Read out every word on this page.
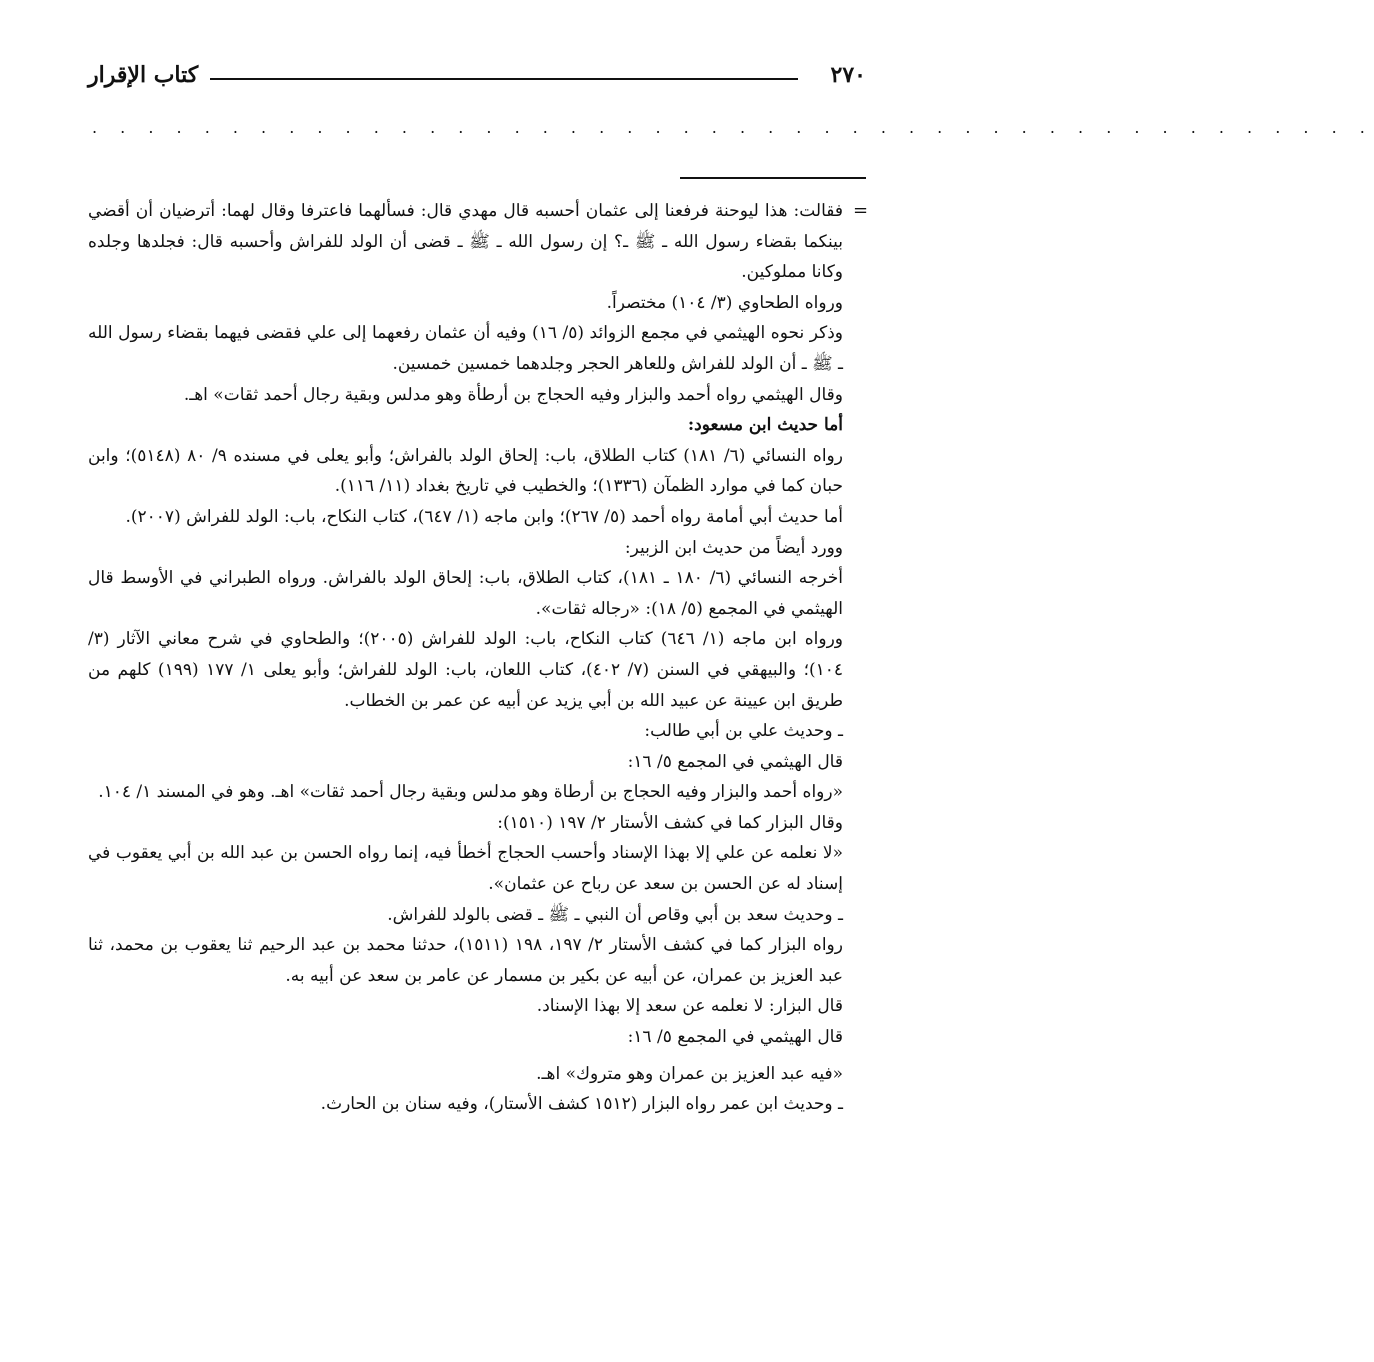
٢٧٠
كتاب الإقرار
. . . . . . . . . . . . . . . . . . . . . . . . . . . . . . . . . . . . . . . . . . . . . .
=

فقالت: هذا ليوحنة فرفعنا إلى عثمان أحسبه قال مهدي قال: فسألهما فاعترفا وقال لهما: أترضيان أن أقضي بينكما بقضاء رسول الله ـ ﷺ ـ؟ إن رسول الله ـ ﷺ ـ قضى أن الولد للفراش وأحسبه قال: فجلدها وجلده وكانا مملوكين.

ورواه الطحاوي (٣/ ١٠٤) مختصراً.

وذكر نحوه الهيثمي في مجمع الزوائد (٥/ ١٦) وفيه أن عثمان رفعهما إلى علي فقضى فيهما بقضاء رسول الله ـ ﷺ ـ أن الولد للفراش وللعاهر الحجر وجلدهما خمسين خمسين.

وقال الهيثمي رواه أحمد والبزار وفيه الحجاج بن أرطأة وهو مدلس وبقية رجال أحمد ثقات» اهـ.

أما حديث ابن مسعود:

رواه النسائي (٦/ ١٨١) كتاب الطلاق، باب: إلحاق الولد بالفراش؛ وأبو يعلى في مسنده ٩/ ٨٠ (٥١٤٨)؛ وابن حبان كما في موارد الظمآن (١٣٣٦)؛ والخطيب في تاريخ بغداد (١١/ ١١٦).

أما حديث أبي أمامة رواه أحمد (٥/ ٢٦٧)؛ وابن ماجه (١/ ٦٤٧)، كتاب النكاح، باب: الولد للفراش (٢٠٠٧).

وورد أيضاً من حديث ابن الزبير:

أخرجه النسائي (٦/ ١٨٠ ـ ١٨١)، كتاب الطلاق، باب: إلحاق الولد بالفراش. ورواه الطبراني في الأوسط قال الهيثمي في المجمع (٥/ ١٨): «رجاله ثقات».

ورواه ابن ماجه (١/ ٦٤٦) كتاب النكاح، باب: الولد للفراش (٢٠٠٥)؛ والطحاوي في شرح معاني الآثار (٣/ ١٠٤)؛ والبيهقي في السنن (٧/ ٤٠٢)، كتاب اللعان، باب: الولد للفراش؛ وأبو يعلى ١/ ١٧٧ (١٩٩) كلهم من طريق ابن عيينة عن عبيد الله بن أبي يزيد عن أبيه عن عمر بن الخطاب.

ـ وحديث علي بن أبي طالب:

قال الهيثمي في المجمع ٥/ ١٦:

«رواه أحمد والبزار وفيه الحجاج بن أرطاة وهو مدلس وبقية رجال أحمد ثقات» اهـ. وهو في المسند ١/ ١٠٤.

وقال البزار كما في كشف الأستار ٢/ ١٩٧ (١٥١٠):

«لا نعلمه عن علي إلا بهذا الإسناد وأحسب الحجاج أخطأ فيه، إنما رواه الحسن بن عبد الله بن أبي يعقوب في إسناد له عن الحسن بن سعد عن رباح عن عثمان».

ـ وحديث سعد بن أبي وقاص أن النبي ـ ﷺ ـ قضى بالولد للفراش.

رواه البزار كما في كشف الأستار ٢/ ١٩٧، ١٩٨ (١٥١١)، حدثنا محمد بن عبد الرحيم ثنا يعقوب بن محمد، ثنا عبد العزيز بن عمران، عن أبيه عن بكير بن مسمار عن عامر بن سعد عن أبيه به.

قال البزار: لا نعلمه عن سعد إلا بهذا الإسناد.

قال الهيثمي في المجمع ٥/ ١٦:

«فيه عبد العزيز بن عمران وهو متروك» اهـ.

ـ وحديث ابن عمر رواه البزار (١٥١٢ كشف الأستار)، وفيه سنان بن الحارث.
